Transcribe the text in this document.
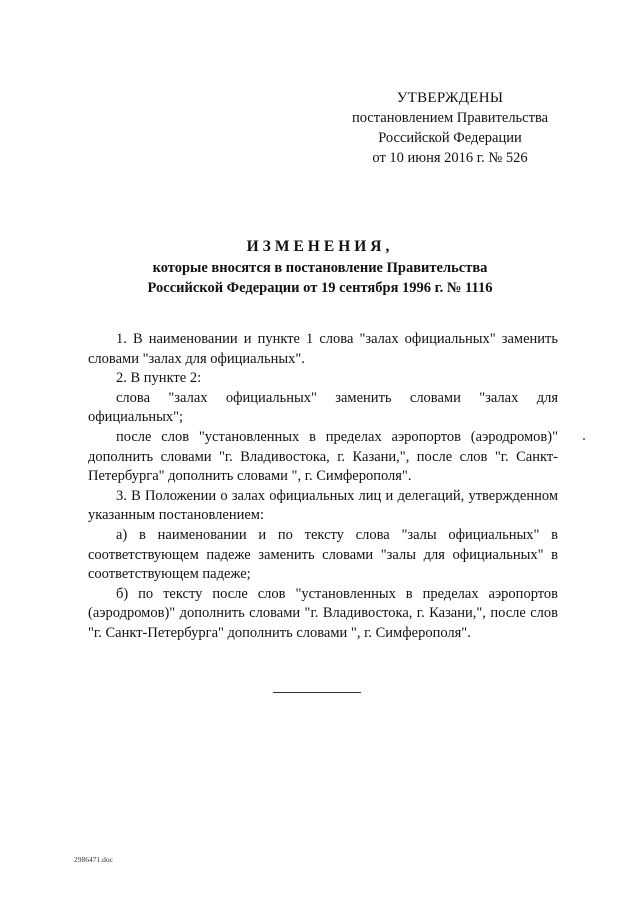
УТВЕРЖДЕНЫ
постановлением Правительства
Российской Федерации
от 10 июня 2016 г. № 526
ИЗМЕНЕНИЯ,
которые вносятся в постановление Правительства
Российской Федерации от 19 сентября 1996 г. № 1116

1. В наименовании и пункте 1 слова "залах официальных" заменить словами "залах для официальных".

2. В пункте 2:

слова "залах официальных" заменить словами "залах для официальных";

после слов "установленных в пределах аэропортов (аэродромов)" дополнить словами "г. Владивостока, г. Казани,", после слов "г. Санкт-Петербурга" дополнить словами ", г. Симферополя".

3. В Положении о залах официальных лиц и делегаций, утвержденном указанным постановлением:

а) в наименовании и по тексту слова "залы официальных" в соответствующем падеже заменить словами "залы для официальных" в соответствующем падеже;

б) по тексту после слов "установленных в пределах аэропортов (аэродромов)" дополнить словами "г. Владивостока, г. Казани,", после слов "г. Санкт-Петербурга" дополнить словами ", г. Симферополя".

2986471.doc
